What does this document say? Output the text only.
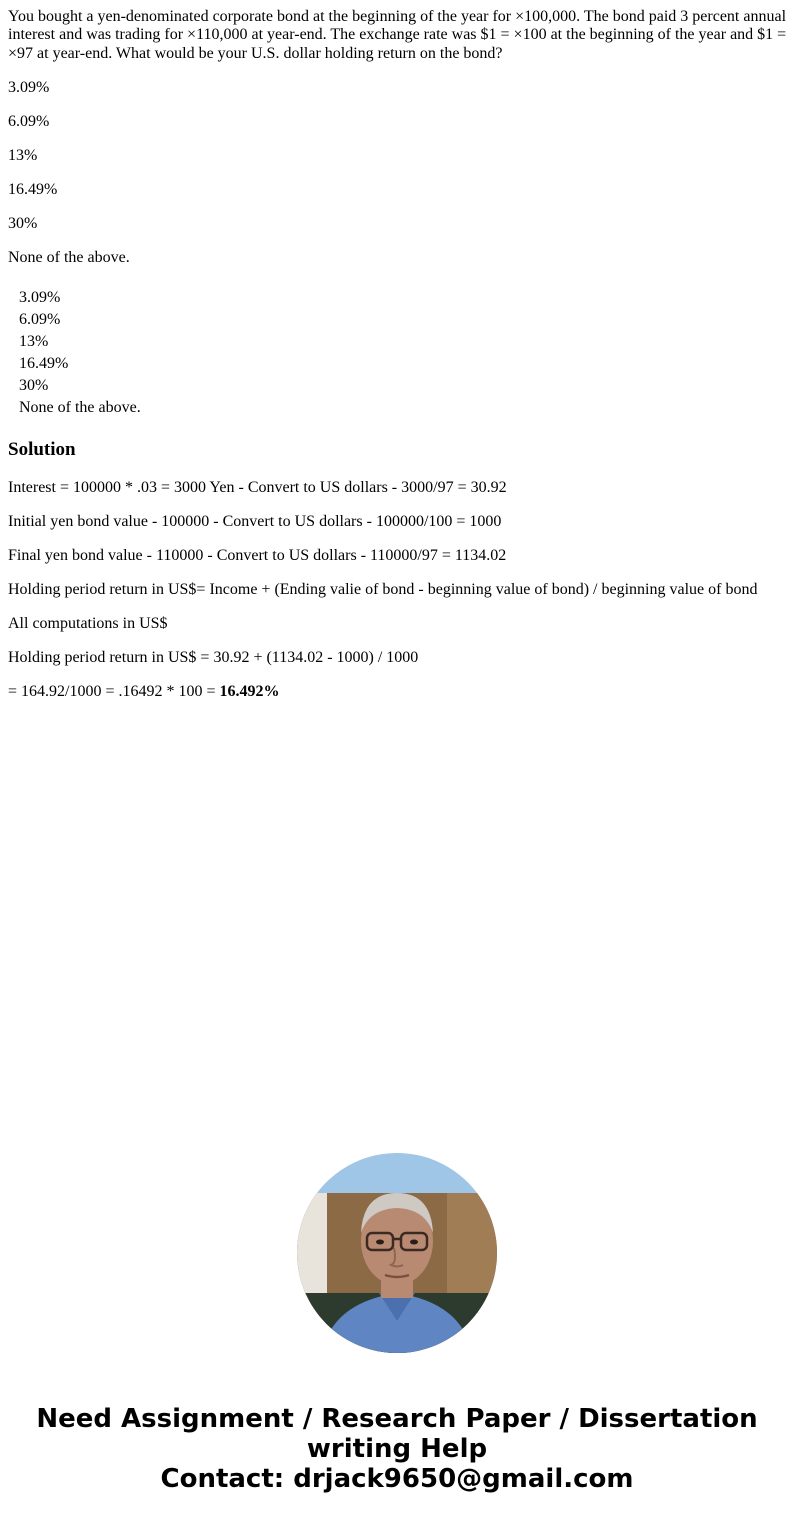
You bought a yen-denominated corporate bond at the beginning of the year for ×100,000. The bond paid 3 percent annual interest and was trading for ×110,000 at year-end. The exchange rate was $1 = ×100 at the beginning of the year and $1 = ×97 at year-end. What would be your U.S. dollar holding return on the bond?

3.09%

6.09%

13%

16.49%

30%

None of the above.

3.09%
6.09%
13%
16.49%
30%
None of the above.
Solution

Interest = 100000 * .03 = 3000 Yen - Convert to US dollars - 3000/97 = 30.92

Initial yen bond value - 100000 - Convert to US dollars - 100000/100 = 1000

Final yen bond value - 110000 - Convert to US dollars - 110000/97 = 1134.02

Holding period return in US$= Income + (Ending valie of bond - beginning value of bond) / beginning value of bond

All computations in US$

Holding period return in US$ = 30.92 + (1134.02 - 1000) / 1000

= 164.92/1000 = .16492 * 100 = 16.492%

Need Assignment / Research Paper / Dissertation
writing Help
Contact: drjack9650@gmail.com
